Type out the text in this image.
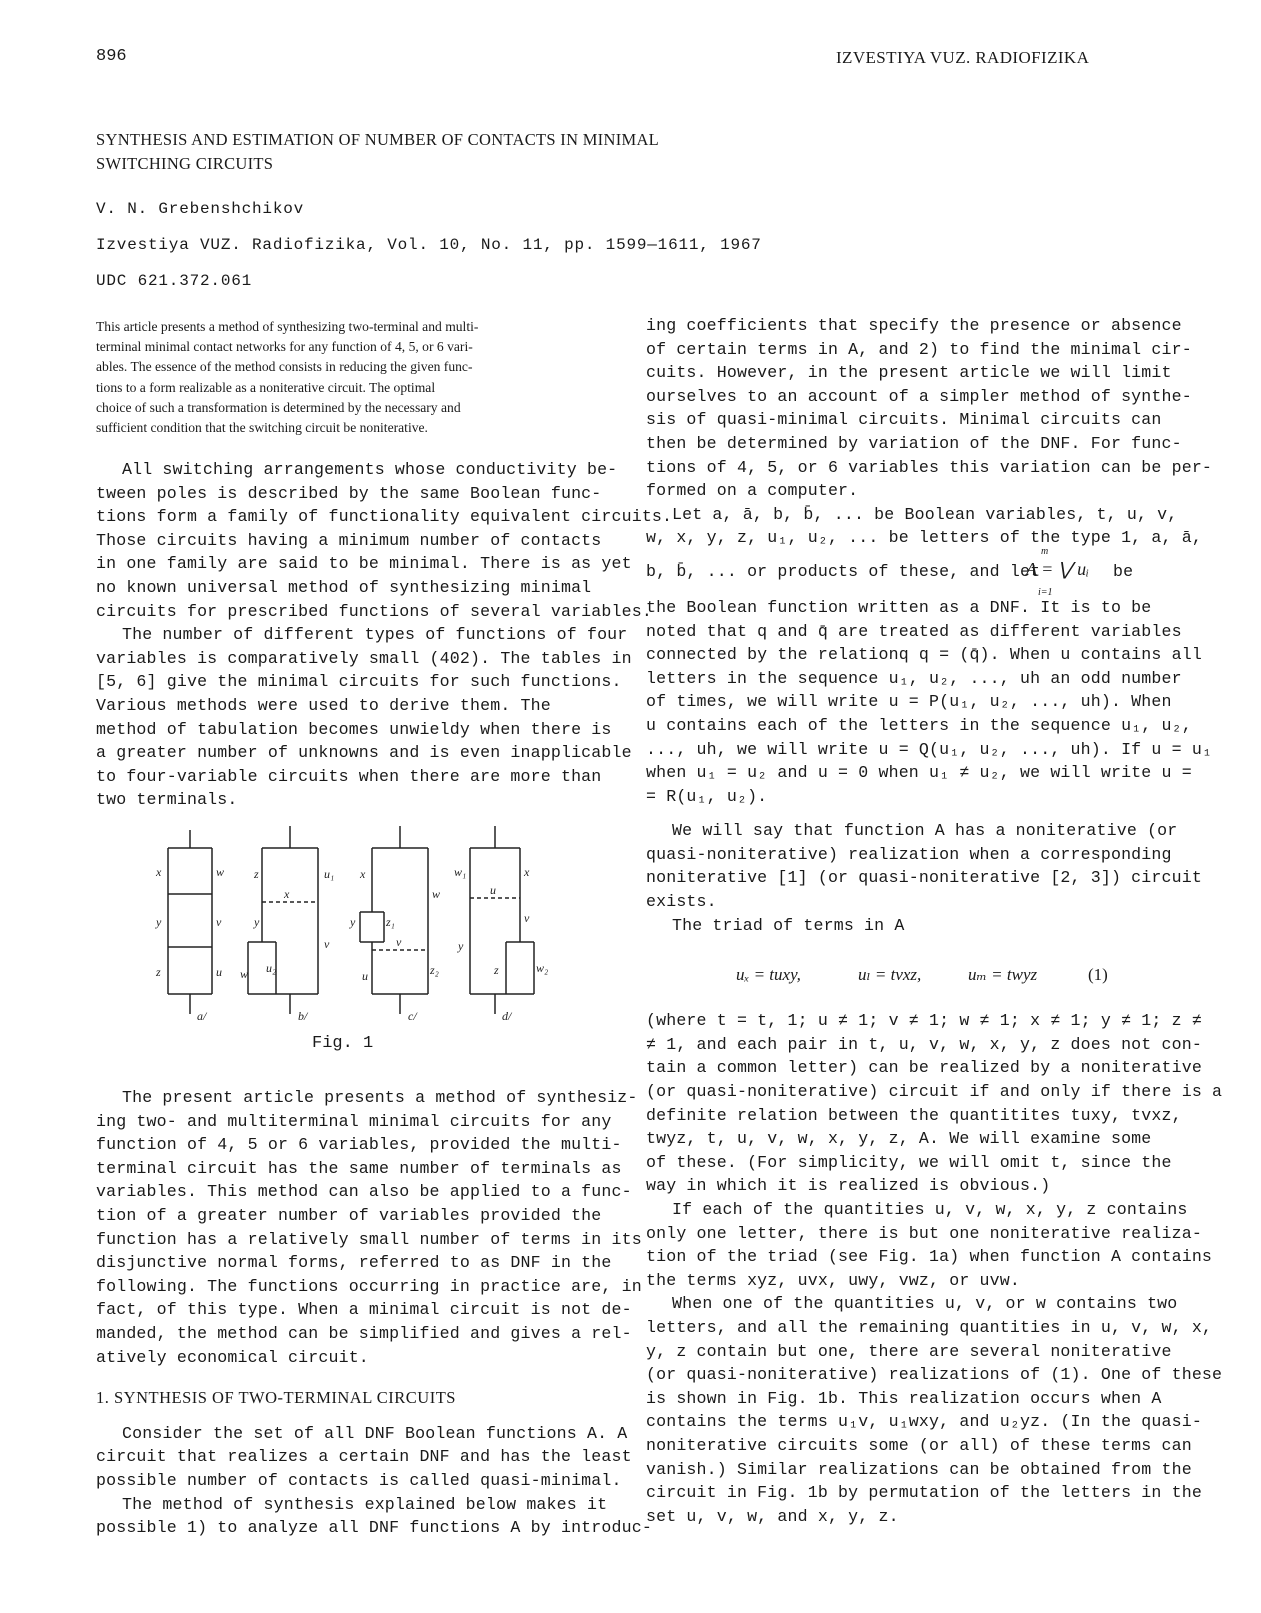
896	IZVESTIYA VUZ. RADIOFIZIKA
SYNTHESIS AND ESTIMATION OF NUMBER OF CONTACTS IN MINIMAL
SWITCHING CIRCUITS
V. N. Grebenshchikov
Izvestiya VUZ. Radiofizika, Vol. 10, No. 11, pp. 1599—1611, 1967
UDC 621.372.061
This article presents a method of synthesizing two-terminal and multi-
terminal minimal contact networks for any function of 4, 5, or 6 vari-
ables. The essence of the method consists in reducing the given func-
tions to a form realizable as a noniterative circuit. The optimal
choice of such a transformation is determined by the necessary and
sufficient condition that the switching circuit be noniterative.
All switching arrangements whose conductivity be-
tween poles is described by the same Boolean func-
tions form a family of functionality equivalent circuits.
Those circuits having a minimum number of contacts
in one family are said to be minimal. There is as yet
no known universal method of synthesizing minimal
circuits for prescribed functions of several variables.
The number of different types of functions of four
variables is comparatively small (402). The tables in
[5, 6] give the minimal circuits for such functions.
Various methods were used to derive them. The
method of tabulation becomes unwieldy when there is
a greater number of unknowns and is even inapplicable
to four-variable circuits when there are more than
two terminals.
x	w
y	v
z	u
a/
z	u₁
x
y
v
w u₂
b/
x
w
y	z₁
v
u	z₂
c/
w₁	x
u
v
y
z	w₂
d/
Fig. 1
The present article presents a method of synthesiz-
ing two- and multiterminal minimal circuits for any
function of 4, 5 or 6 variables, provided the multi-
terminal circuit has the same number of terminals as
variables. This method can also be applied to a func-
tion of a greater number of variables provided the
function has a relatively small number of terms in its
disjunctive normal forms, referred to as DNF in the
following. The functions occurring in practice are, in
fact, of this type. When a minimal circuit is not de-
manded, the method can be simplified and gives a rel-
atively economical circuit.
1. SYNTHESIS OF TWO-TERMINAL CIRCUITS
Consider the set of all DNF Boolean functions A. A
circuit that realizes a certain DNF and has the least
possible number of contacts is called quasi-minimal.
The method of synthesis explained below makes it
possible 1) to analyze all DNF functions A by introduc-
ing coefficients that specify the presence or absence
of certain terms in A, and 2) to find the minimal cir-
cuits. However, in the present article we will limit
ourselves to an account of a simpler method of synthe-
sis of quasi-minimal circuits. Minimal circuits can
then be determined by variation of the DNF. For func-
tions of 4, 5, or 6 variables this variation can be per-
formed on a computer.
Let a, ā, b, b̄, ... be Boolean variables, t, u, v,
w, x, y, z, u₁, u₂, ... be letters of the type 1, a, ā,
b, b̄, ... or products of these, and let
m
A = ⋁ uᵢ
i=1
be
the Boolean function written as a DNF. It is to be
noted that q and q̄ are treated as different variables
connected by the relationq q = (q̄). When u contains all
letters in the sequence u₁, u₂, ..., uh an odd number
of times, we will write u = P(u₁, u₂, ..., uh). When
u contains each of the letters in the sequence u₁, u₂,
..., uh, we will write u = Q(u₁, u₂, ..., uh). If u = u₁
when u₁ = u₂ and u = 0 when u₁ ≠ u₂, we will write u =
= R(u₁, u₂).
We will say that function A has a noniterative (or
quasi-noniterative) realization when a corresponding
noniterative [1] (or quasi-noniterative [2, 3]) circuit
exists.
The triad of terms in A
uₓ = tuxy,	uₗ = tvxz,	uₘ = twyz	(1)
(where t = t, 1; u ≠ 1; v ≠ 1; w ≠ 1; x ≠ 1; y ≠ 1; z ≠
≠ 1, and each pair in t, u, v, w, x, y, z does not con-
tain a common letter) can be realized by a noniterative
(or quasi-noniterative) circuit if and only if there is a
definite relation between the quantitites tuxy, tvxz,
twyz, t, u, v, w, x, y, z, A. We will examine some
of these. (For simplicity, we will omit t, since the
way in which it is realized is obvious.)
If each of the quantities u, v, w, x, y, z contains
only one letter, there is but one noniterative realiza-
tion of the triad (see Fig. 1a) when function A contains
the terms xyz, uvx, uwy, vwz, or uvw.
When one of the quantities u, v, or w contains two
letters, and all the remaining quantities in u, v, w, x,
y, z contain but one, there are several noniterative
(or quasi-noniterative) realizations of (1). One of these
is shown in Fig. 1b. This realization occurs when A
contains the terms u₁v, u₁wxy, and u₂yz. (In the quasi-
noniterative circuits some (or all) of these terms can
vanish.) Similar realizations can be obtained from the
circuit in Fig. 1b by permutation of the letters in the
set u, v, w, and x, y, z.
